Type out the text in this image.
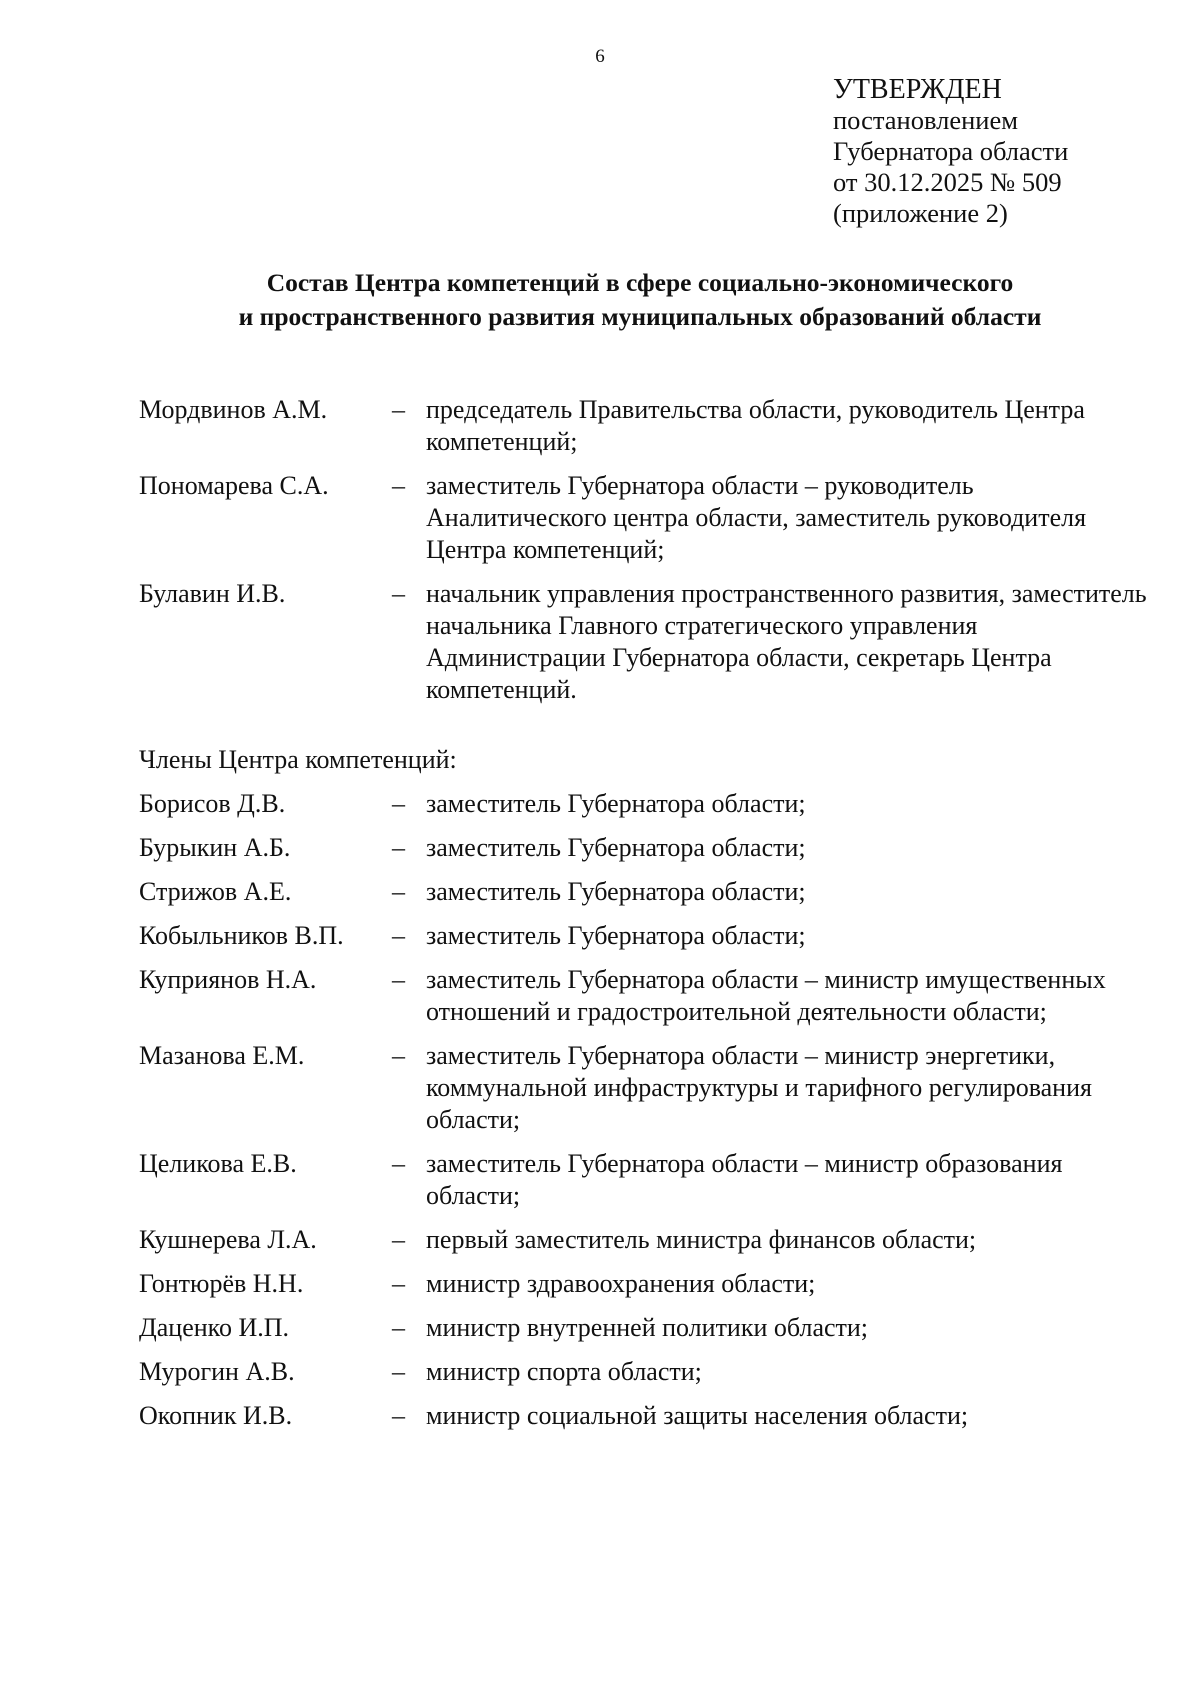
6
УТВЕРЖДЕН
постановлением
Губернатора области
от 30.12.2025 № 509
(приложение 2)
Состав Центра компетенций в сфере социально-экономического
и пространственного развития муниципальных образований области
Мордвинов А.М.	– председатель Правительства области, руководитель Центра компетенций;
Пономарева С.А.	– заместитель Губернатора области – руководитель Аналитического центра области, заместитель руководителя Центра компетенций;
Булавин И.В.	– начальник управления пространственного развития, заместитель начальника Главного стратегического управления Администрации Губернатора области, секретарь Центра компетенций.
Члены Центра компетенций:
Борисов Д.В.	– заместитель Губернатора области;
Бурыкин А.Б.	– заместитель Губернатора области;
Стрижов А.Е.	– заместитель Губернатора области;
Кобыльников В.П.	– заместитель Губернатора области;
Куприянов Н.А.	– заместитель Губернатора области – министр имущественных отношений и градостроительной деятельности области;
Мазанова Е.М.	– заместитель Губернатора области – министр энергетики, коммунальной инфраструктуры и тарифного регулирования области;
Целикова Е.В.	– заместитель Губернатора области – министр образования области;
Кушнерева Л.А.	– первый заместитель министра финансов области;
Гонтюрёв Н.Н.	– министр здравоохранения области;
Даценко И.П.	– министр внутренней политики области;
Мурогин А.В.	– министр спорта области;
Окопник И.В.	– министр социальной защиты населения области;
